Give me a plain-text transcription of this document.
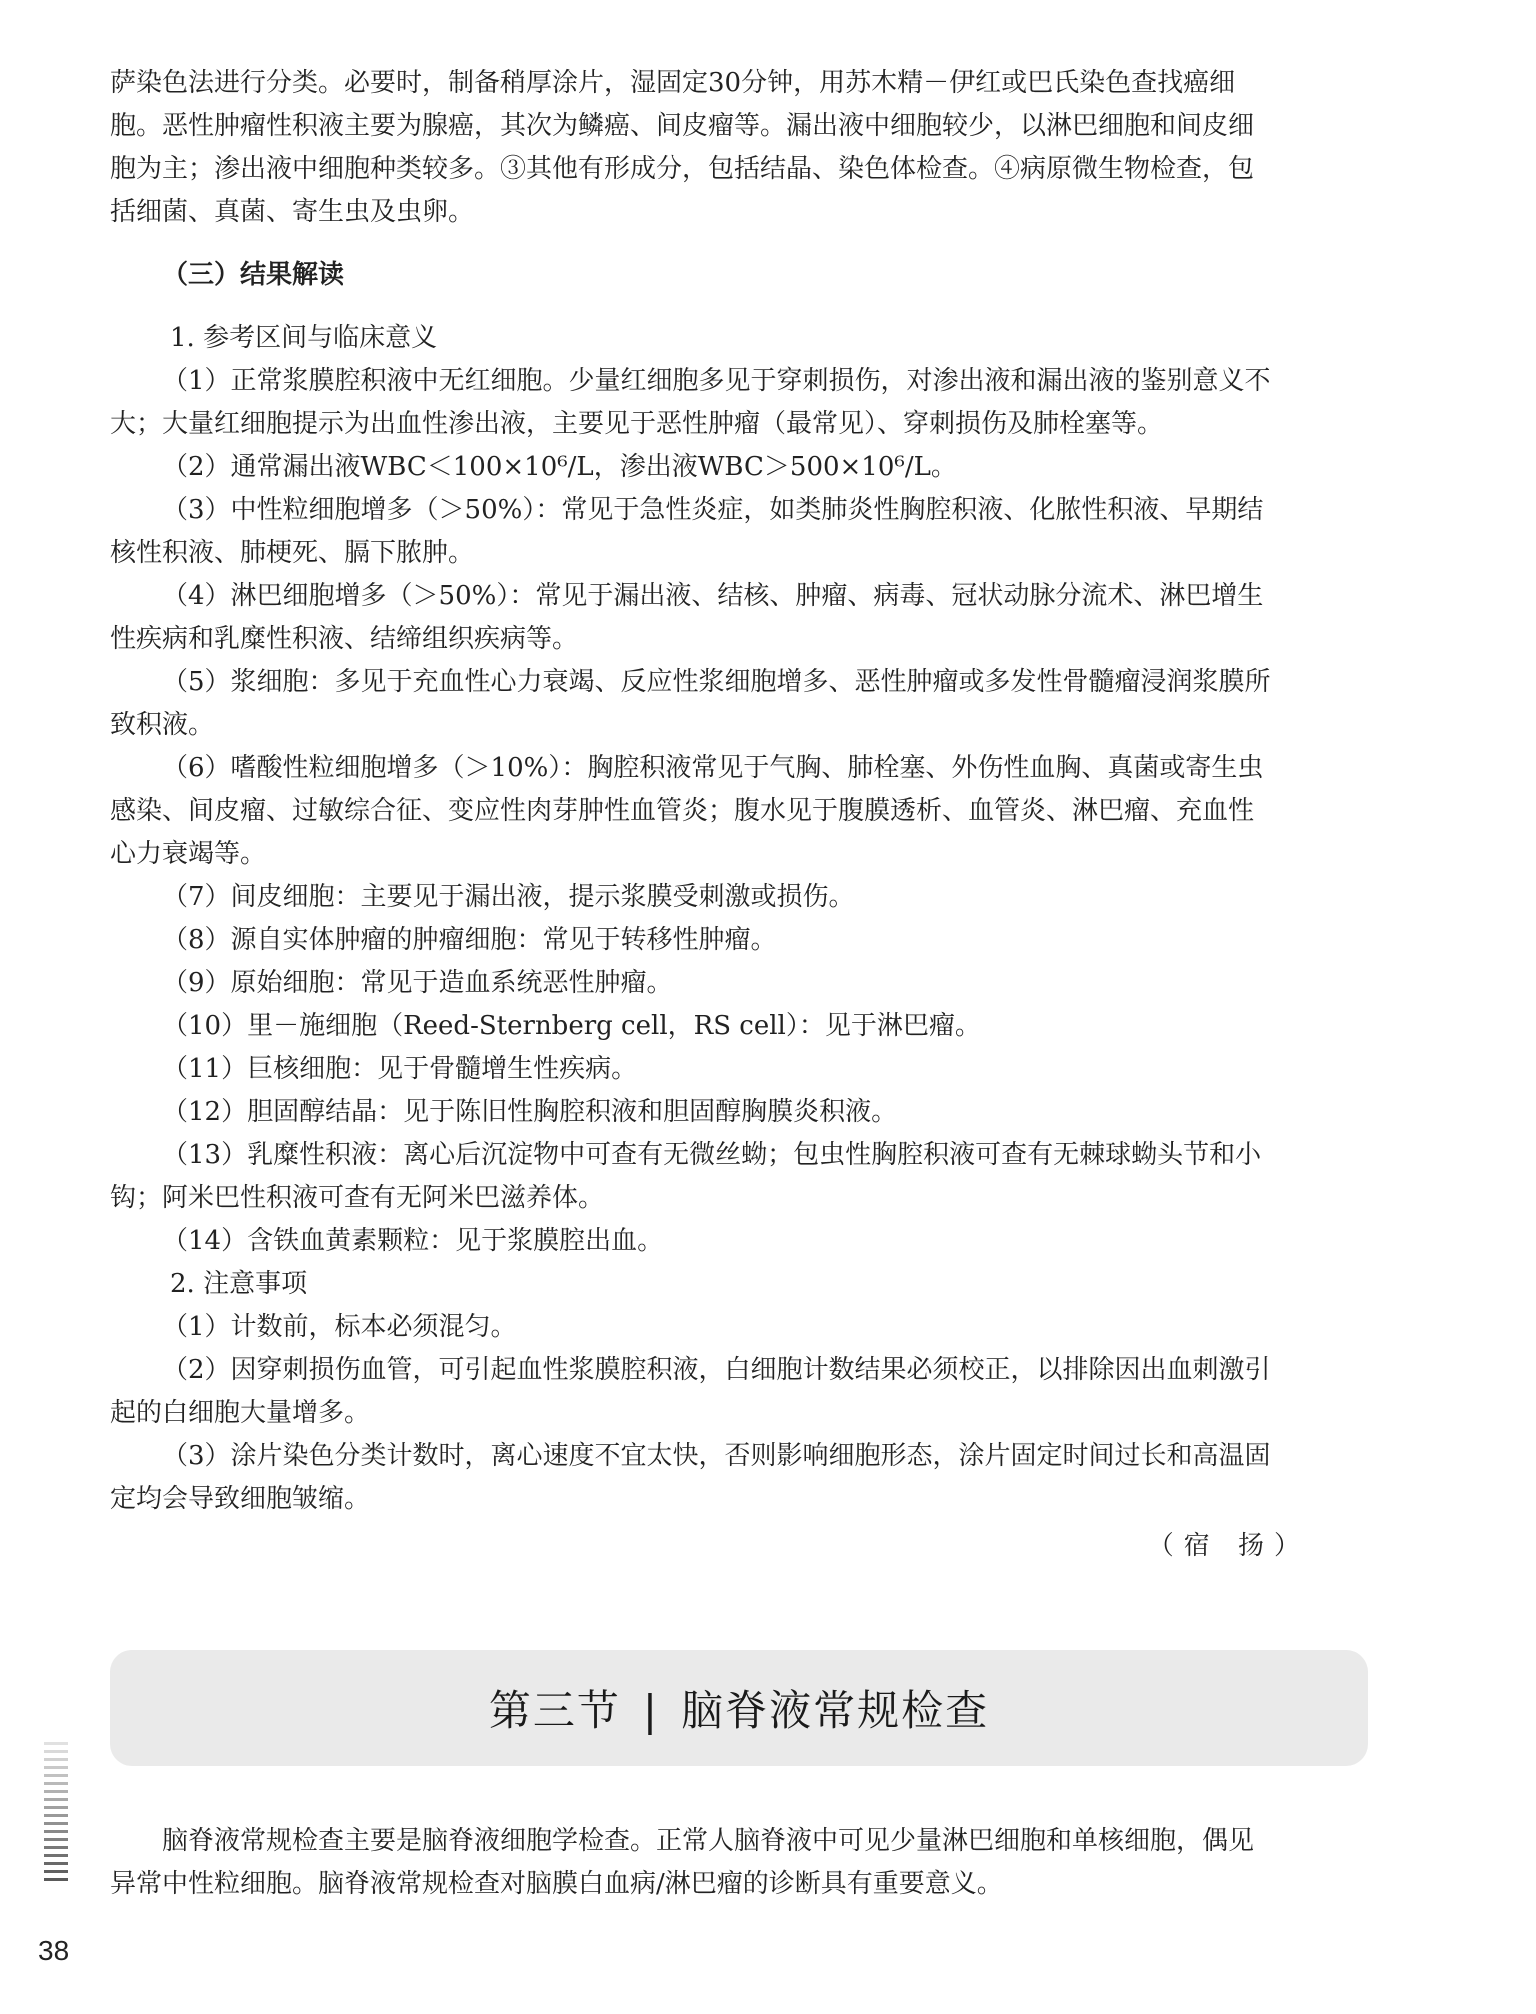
萨染色法进行分类。必要时，制备稍厚涂片，湿固定30分钟，用苏木精－伊红或巴氏染色查找癌细

胞。恶性肿瘤性积液主要为腺癌，其次为鳞癌、间皮瘤等。漏出液中细胞较少，以淋巴细胞和间皮细

胞为主；渗出液中细胞种类较多。③其他有形成分，包括结晶、染色体检查。④病原微生物检查，包

括细菌、真菌、寄生虫及虫卵。

（三）结果解读

1. 参考区间与临床意义

（1）正常浆膜腔积液中无红细胞。少量红细胞多见于穿刺损伤，对渗出液和漏出液的鉴别意义不

大；大量红细胞提示为出血性渗出液，主要见于恶性肿瘤（最常见）、穿刺损伤及肺栓塞等。

（2）通常漏出液WBC＜100×10⁶/L，渗出液WBC＞500×10⁶/L。

（3）中性粒细胞增多（＞50%）：常见于急性炎症，如类肺炎性胸腔积液、化脓性积液、早期结

核性积液、肺梗死、膈下脓肿。

（4）淋巴细胞增多（＞50%）：常见于漏出液、结核、肿瘤、病毒、冠状动脉分流术、淋巴增生

性疾病和乳糜性积液、结缔组织疾病等。

（5）浆细胞：多见于充血性心力衰竭、反应性浆细胞增多、恶性肿瘤或多发性骨髓瘤浸润浆膜所

致积液。

（6）嗜酸性粒细胞增多（＞10%）：胸腔积液常见于气胸、肺栓塞、外伤性血胸、真菌或寄生虫

感染、间皮瘤、过敏综合征、变应性肉芽肿性血管炎；腹水见于腹膜透析、血管炎、淋巴瘤、充血性

心力衰竭等。

（7）间皮细胞：主要见于漏出液，提示浆膜受刺激或损伤。

（8）源自实体肿瘤的肿瘤细胞：常见于转移性肿瘤。

（9）原始细胞：常见于造血系统恶性肿瘤。

（10）里－施细胞（Reed-Sternberg cell，RS cell）：见于淋巴瘤。

（11）巨核细胞：见于骨髓增生性疾病。

（12）胆固醇结晶：见于陈旧性胸腔积液和胆固醇胸膜炎积液。

（13）乳糜性积液：离心后沉淀物中可查有无微丝蚴；包虫性胸腔积液可查有无棘球蚴头节和小

钩；阿米巴性积液可查有无阿米巴滋养体。

（14）含铁血黄素颗粒：见于浆膜腔出血。

2. 注意事项

（1）计数前，标本必须混匀。

（2）因穿刺损伤血管，可引起血性浆膜腔积液，白细胞计数结果必须校正，以排除因出血刺激引

起的白细胞大量增多。

（3）涂片染色分类计数时，离心速度不宜太快，否则影响细胞形态，涂片固定时间过长和高温固

定均会导致细胞皱缩。

（宿 扬）

第三节 | 脑脊液常规检查

脑脊液常规检查主要是脑脊液细胞学检查。正常人脑脊液中可见少量淋巴细胞和单核细胞，偶见

异常中性粒细胞。脑脊液常规检查对脑膜白血病/淋巴瘤的诊断具有重要意义。

38
